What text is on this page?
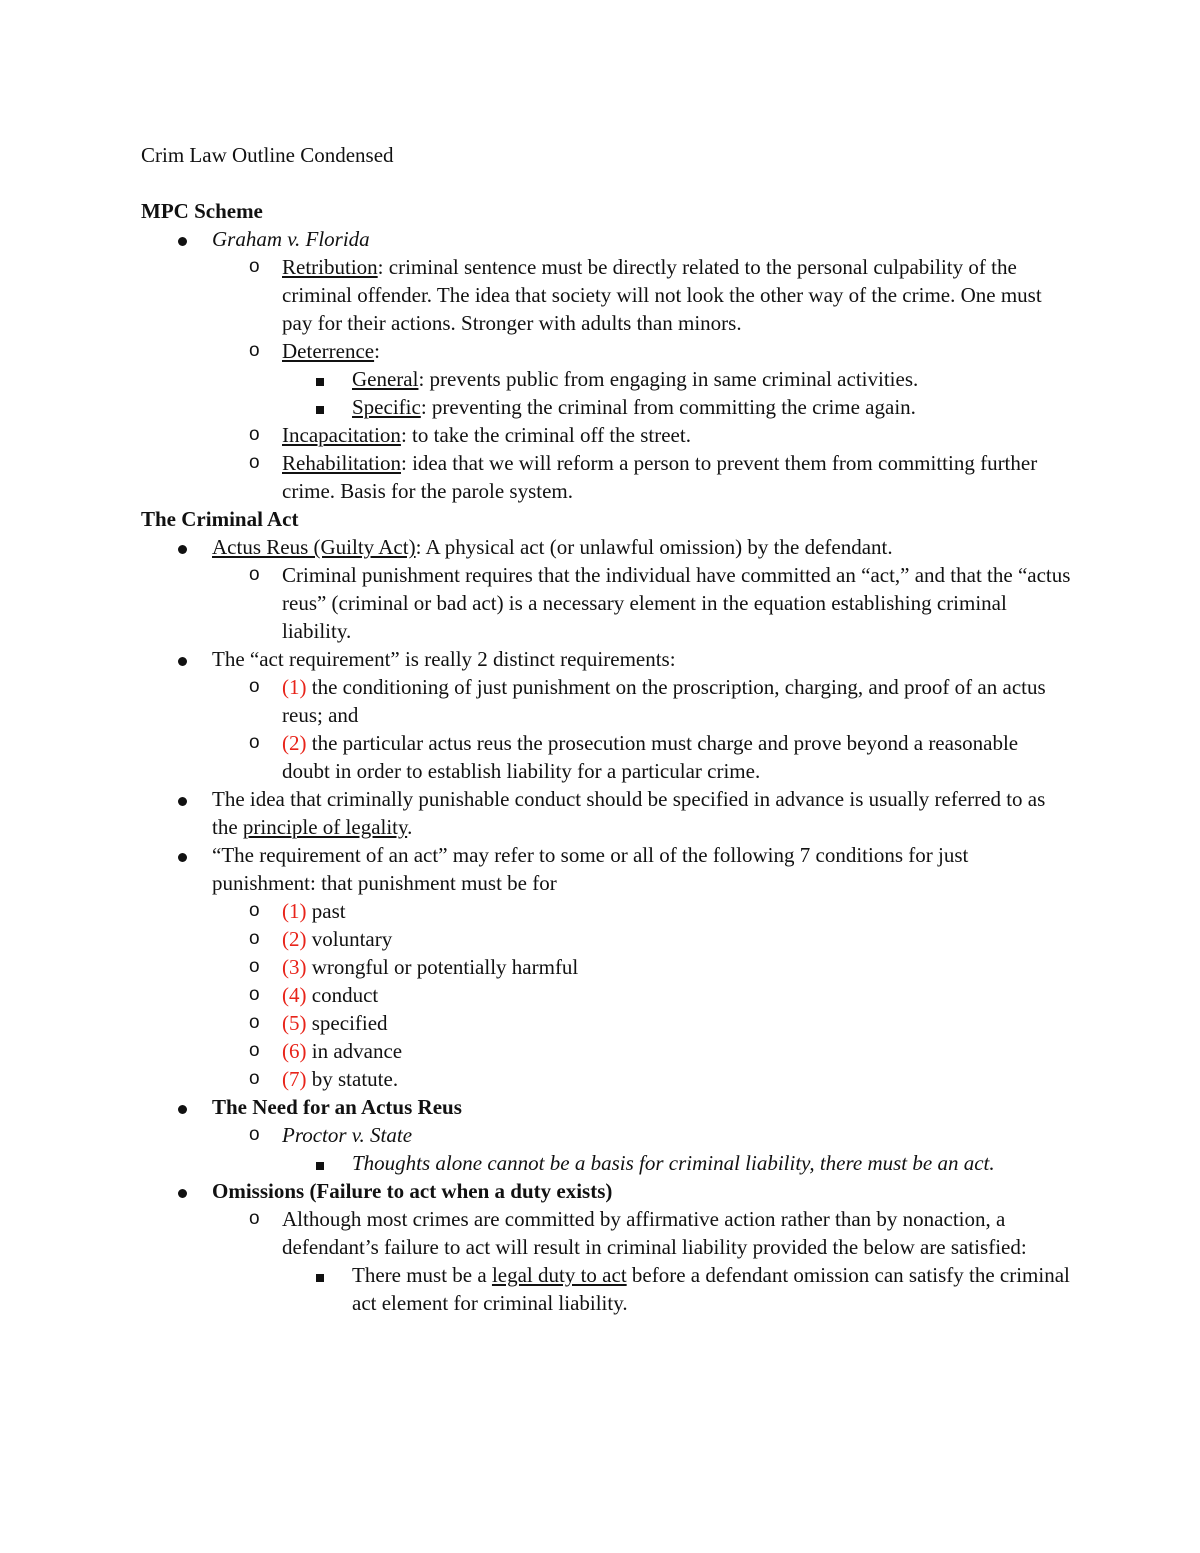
Crim Law Outline Condensed
MPC Scheme
Graham v. Florida
o	Retribution: criminal sentence must be directly related to the personal culpability of the criminal offender. The idea that society will not look the other way of the crime. One must pay for their actions. Stronger with adults than minors.
o	Deterrence:
General: prevents public from engaging in same criminal activities.
Specific: preventing the criminal from committing the crime again.
o	Incapacitation: to take the criminal off the street.
o	Rehabilitation: idea that we will reform a person to prevent them from committing further crime. Basis for the parole system.
The Criminal Act
Actus Reus (Guilty Act): A physical act (or unlawful omission) by the defendant.
o	Criminal punishment requires that the individual have committed an “act,” and that the “actus reus” (criminal or bad act) is a necessary element in the equation establishing criminal liability.
The “act requirement” is really 2 distinct requirements:
o	(1) the conditioning of just punishment on the proscription, charging, and proof of an actus reus; and
o	(2) the particular actus reus the prosecution must charge and prove beyond a reasonable doubt in order to establish liability for a particular crime.
The idea that criminally punishable conduct should be specified in advance is usually referred to as the principle of legality.
“The requirement of an act” may refer to some or all of the following 7 conditions for just punishment: that punishment must be for
o	(1) past
o	(2) voluntary
o	(3) wrongful or potentially harmful
o	(4) conduct
o	(5) specified
o	(6) in advance
o	(7) by statute.
The Need for an Actus Reus
o	Proctor v. State
Thoughts alone cannot be a basis for criminal liability, there must be an act.
Omissions (Failure to act when a duty exists)
o	Although most crimes are committed by affirmative action rather than by nonaction, a defendant’s failure to act will result in criminal liability provided the below are satisfied:
There must be a legal duty to act before a defendant omission can satisfy the criminal act element for criminal liability.
